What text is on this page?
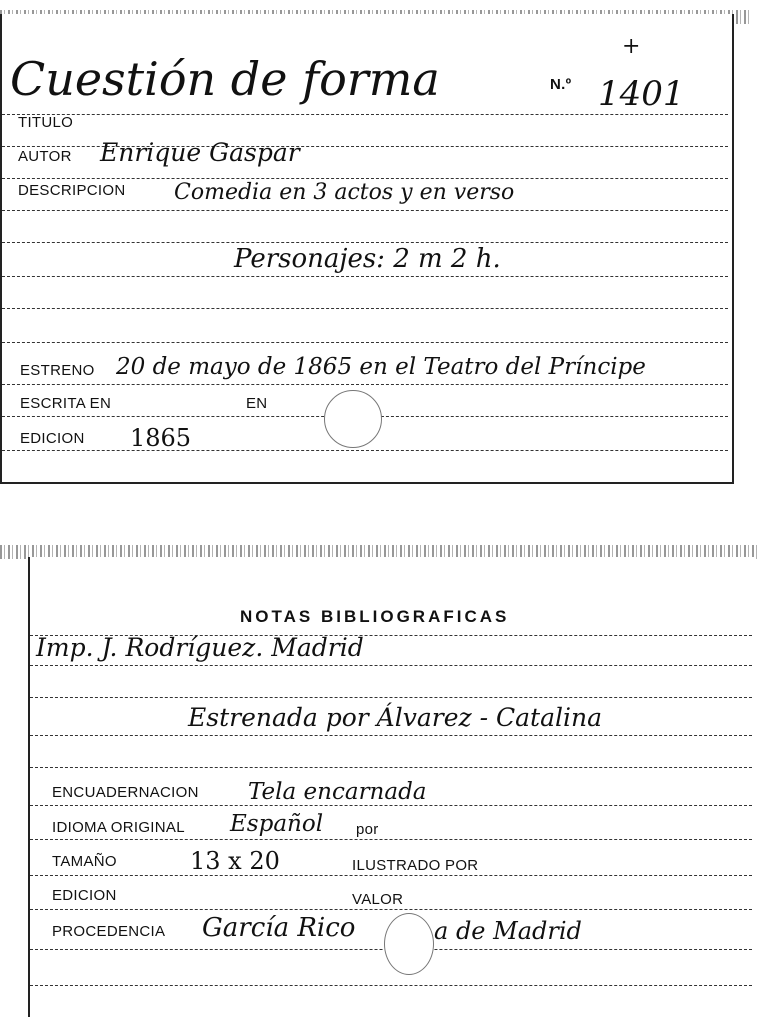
Cuestión de forma	N.º 1401
+
TITULO
AUTOR Enrique Gaspar
DESCRIPCION Comedia en 3 actos y en verso
Personajes: 2 m 2 h.
ESTRENO 20 de mayo de 1865 en el Teatro del Príncipe
ESCRITA EN	EN
EDICION 1865
NOTAS BIBLIOGRAFICAS
Imp. J. Rodríguez. Madrid
Estrenada por Álvarez - Catalina
ENCUADERNACION Tela encarnada
IDIOMA ORIGINAL Español por
TAMAÑO	13 x 20	ILUSTRADO POR
EDICION	VALOR
PROCEDENCIA García Rico	a de Madrid
